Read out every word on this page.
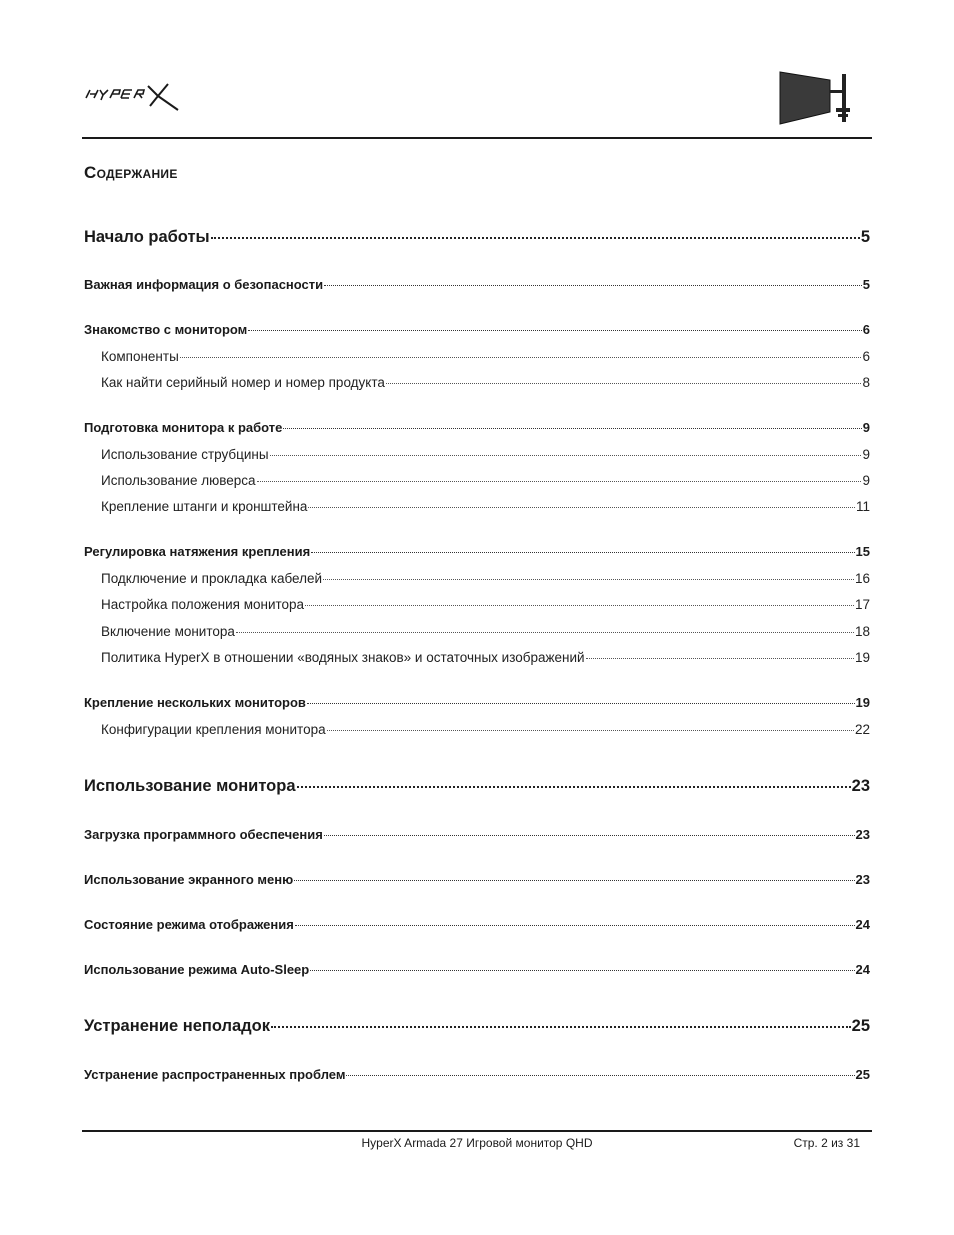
Содержание
Начало работы	5
Важная информация о безопасности	5
Знакомство с монитором	6
Компоненты	6
Как найти серийный номер и номер продукта	8
Подготовка монитора к работе	9
Использование струбцины	9
Использование люверса	9
Крепление штанги и кронштейна	11
Регулировка натяжения крепления	15
Подключение и прокладка кабелей	16
Настройка положения монитора	17
Включение монитора	18
Политика HyperX в отношении «водяных знаков» и остаточных изображений	19
Крепление нескольких мониторов	19
Конфигурации крепления монитора	22
Использование монитора	23
Загрузка программного обеспечения	23
Использование экранного меню	23
Состояние режима отображения	24
Использование режима Auto-Sleep	24
Устранение неполадок	25
Устранение распространенных проблем	25
HyperX Armada 27 Игровой монитор QHD	Стр. 2 из 31
